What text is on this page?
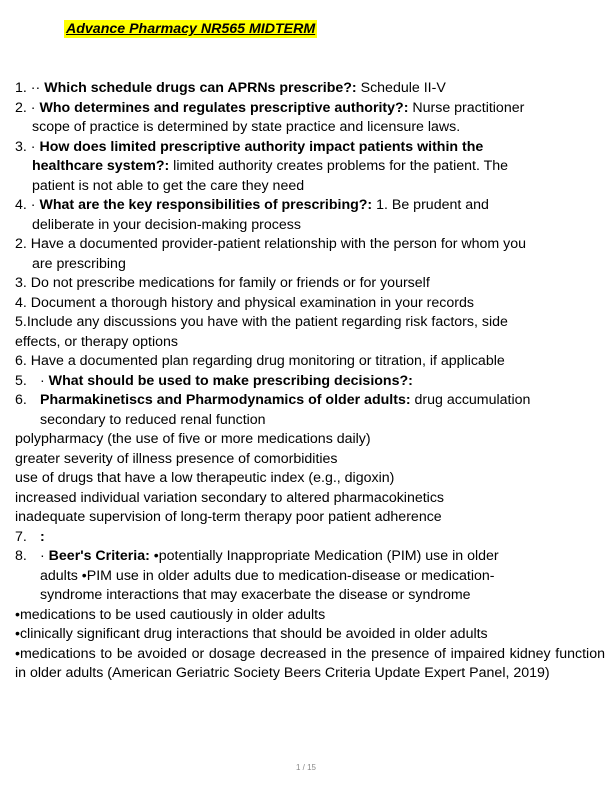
Advance Pharmacy NR565 MIDTERM
1. ·· Which schedule drugs can APRNs prescribe?: Schedule II-V
2. · Who determines and regulates prescriptive authority?: Nurse practitioner
scope of practice is determined by state practice and licensure laws.
3. · How does limited prescriptive authority impact patients within the
healthcare system?: limited authority creates problems for the patient. The
patient is not able to get the care they need
4. · What are the key responsibilities of prescribing?: 1. Be prudent and
deliberate in your decision-making process
2. Have a documented provider-patient relationship with the person for whom you
are prescribing
3. Do not prescribe medications for family or friends or for yourself
4. Document a thorough history and physical examination in your records
5.Include any discussions you have with the patient regarding risk factors, side
effects, or therapy options
6. Have a documented plan regarding drug monitoring or titration, if applicable
5. · What should be used to make prescribing decisions?:
6. Pharmakinetiscs and Pharmodynamics of older adults: drug accumulation
secondary to reduced renal function
polypharmacy (the use of five or more medications daily)
greater severity of illness presence of comorbidities
use of drugs that have a low therapeutic index (e.g., digoxin)
increased individual variation secondary to altered pharmacokinetics
inadequate supervision of long-term therapy poor patient adherence
7. :
8. · Beer's Criteria: •potentially Inappropriate Medication (PIM) use in older
adults •PIM use in older adults due to medication-disease or medication-
syndrome interactions that may exacerbate the disease or syndrome
•medications to be used cautiously in older adults
•clinically significant drug interactions that should be avoided in older adults
•medications to be avoided or dosage decreased in the presence of impaired kidney function in older adults (American Geriatric Society Beers Criteria Update Expert Panel, 2019)
1 / 15
